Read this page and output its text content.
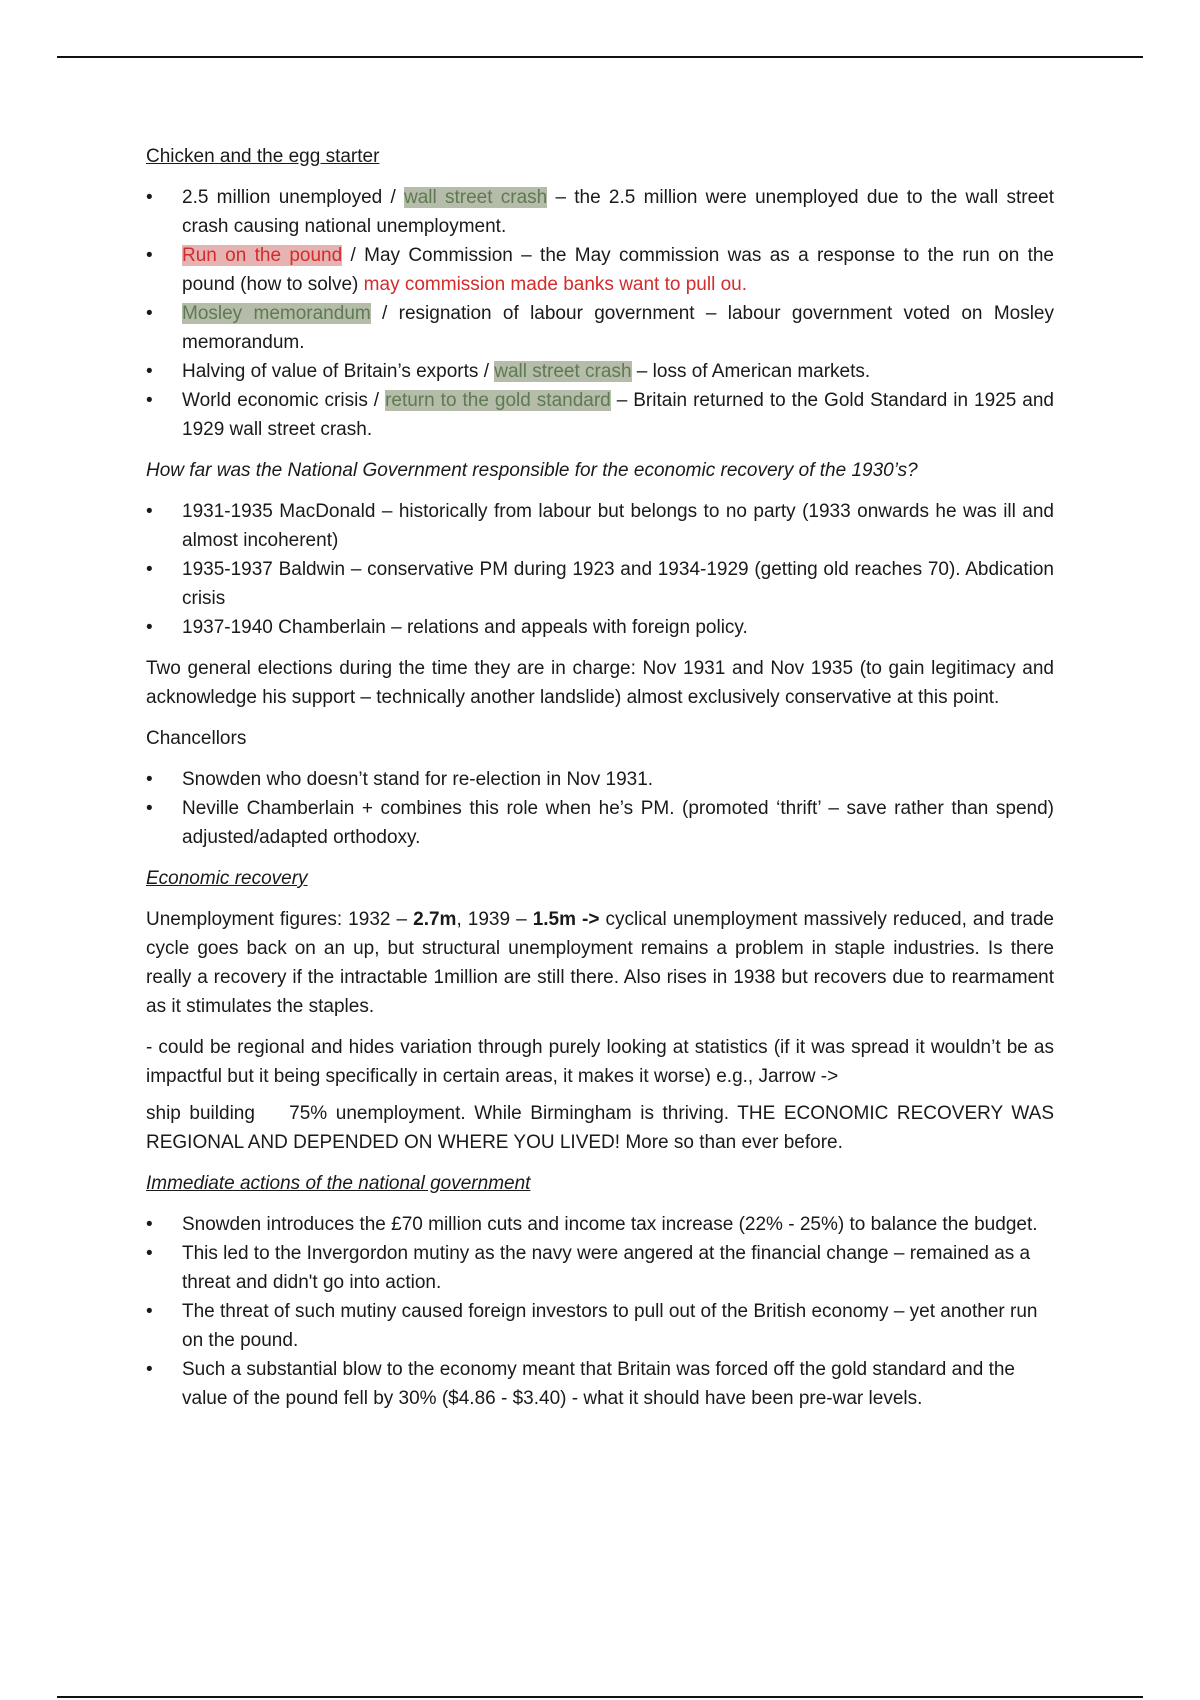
Chicken and the egg starter
• 2.5 million unemployed / wall street crash – the 2.5 million were unemployed due to the wall street crash causing national unemployment.
• Run on the pound / May Commission – the May commission was as a response to the run on the pound (how to solve) may commission made banks want to pull ou.
• Mosley memorandum / resignation of labour government – labour government voted on Mosley memorandum.
• Halving of value of Britain’s exports / wall street crash – loss of American markets.
• World economic crisis / return to the gold standard – Britain returned to the Gold Standard in 1925 and 1929 wall street crash.

How far was the National Government responsible for the economic recovery of the 1930’s?

• 1931-1935 MacDonald – historically from labour but belongs to no party (1933 onwards he was ill and almost incoherent)
• 1935-1937 Baldwin – conservative PM during 1923 and 1934-1929 (getting old reaches 70). Abdication crisis
• 1937-1940 Chamberlain – relations and appeals with foreign policy.

Two general elections during the time they are in charge: Nov 1931 and Nov 1935 (to gain legitimacy and acknowledge his support – technically another landslide) almost exclusively conservative at this point.

Chancellors

• Snowden who doesn’t stand for re-election in Nov 1931.
• Neville Chamberlain + combines this role when he’s PM. (promoted ‘thrift’ – save rather than spend) adjusted/adapted orthodoxy.

Economic recovery

Unemployment figures: 1932 – 2.7m, 1939 – 1.5m -> cyclical unemployment massively reduced, and trade cycle goes back on an up, but structural unemployment remains a problem in staple industries. Is there really a recovery if the intractable 1million are still there. Also rises in 1938 but recovers due to rearmament as it stimulates the staples.

- could be regional and hides variation through purely looking at statistics (if it was spread it wouldn’t be as impactful but it being specifically in certain areas, it makes it worse) e.g., Jarrow ->

ship building    75% unemployment. While Birmingham is thriving. THE ECONOMIC RECOVERY WAS REGIONAL AND DEPENDED ON WHERE YOU LIVED! More so than ever before.

Immediate actions of the national government

• Snowden introduces the £70 million cuts and income tax increase (22% - 25%) to balance the budget.
• This led to the Invergordon mutiny as the navy were angered at the financial change – remained as a threat and didn't go into action.
• The threat of such mutiny caused foreign investors to pull out of the British economy – yet another run on the pound.
• Such a substantial blow to the economy meant that Britain was forced off the gold standard and the value of the pound fell by 30% ($4.86 - $3.40) - what it should have been pre-war levels.
